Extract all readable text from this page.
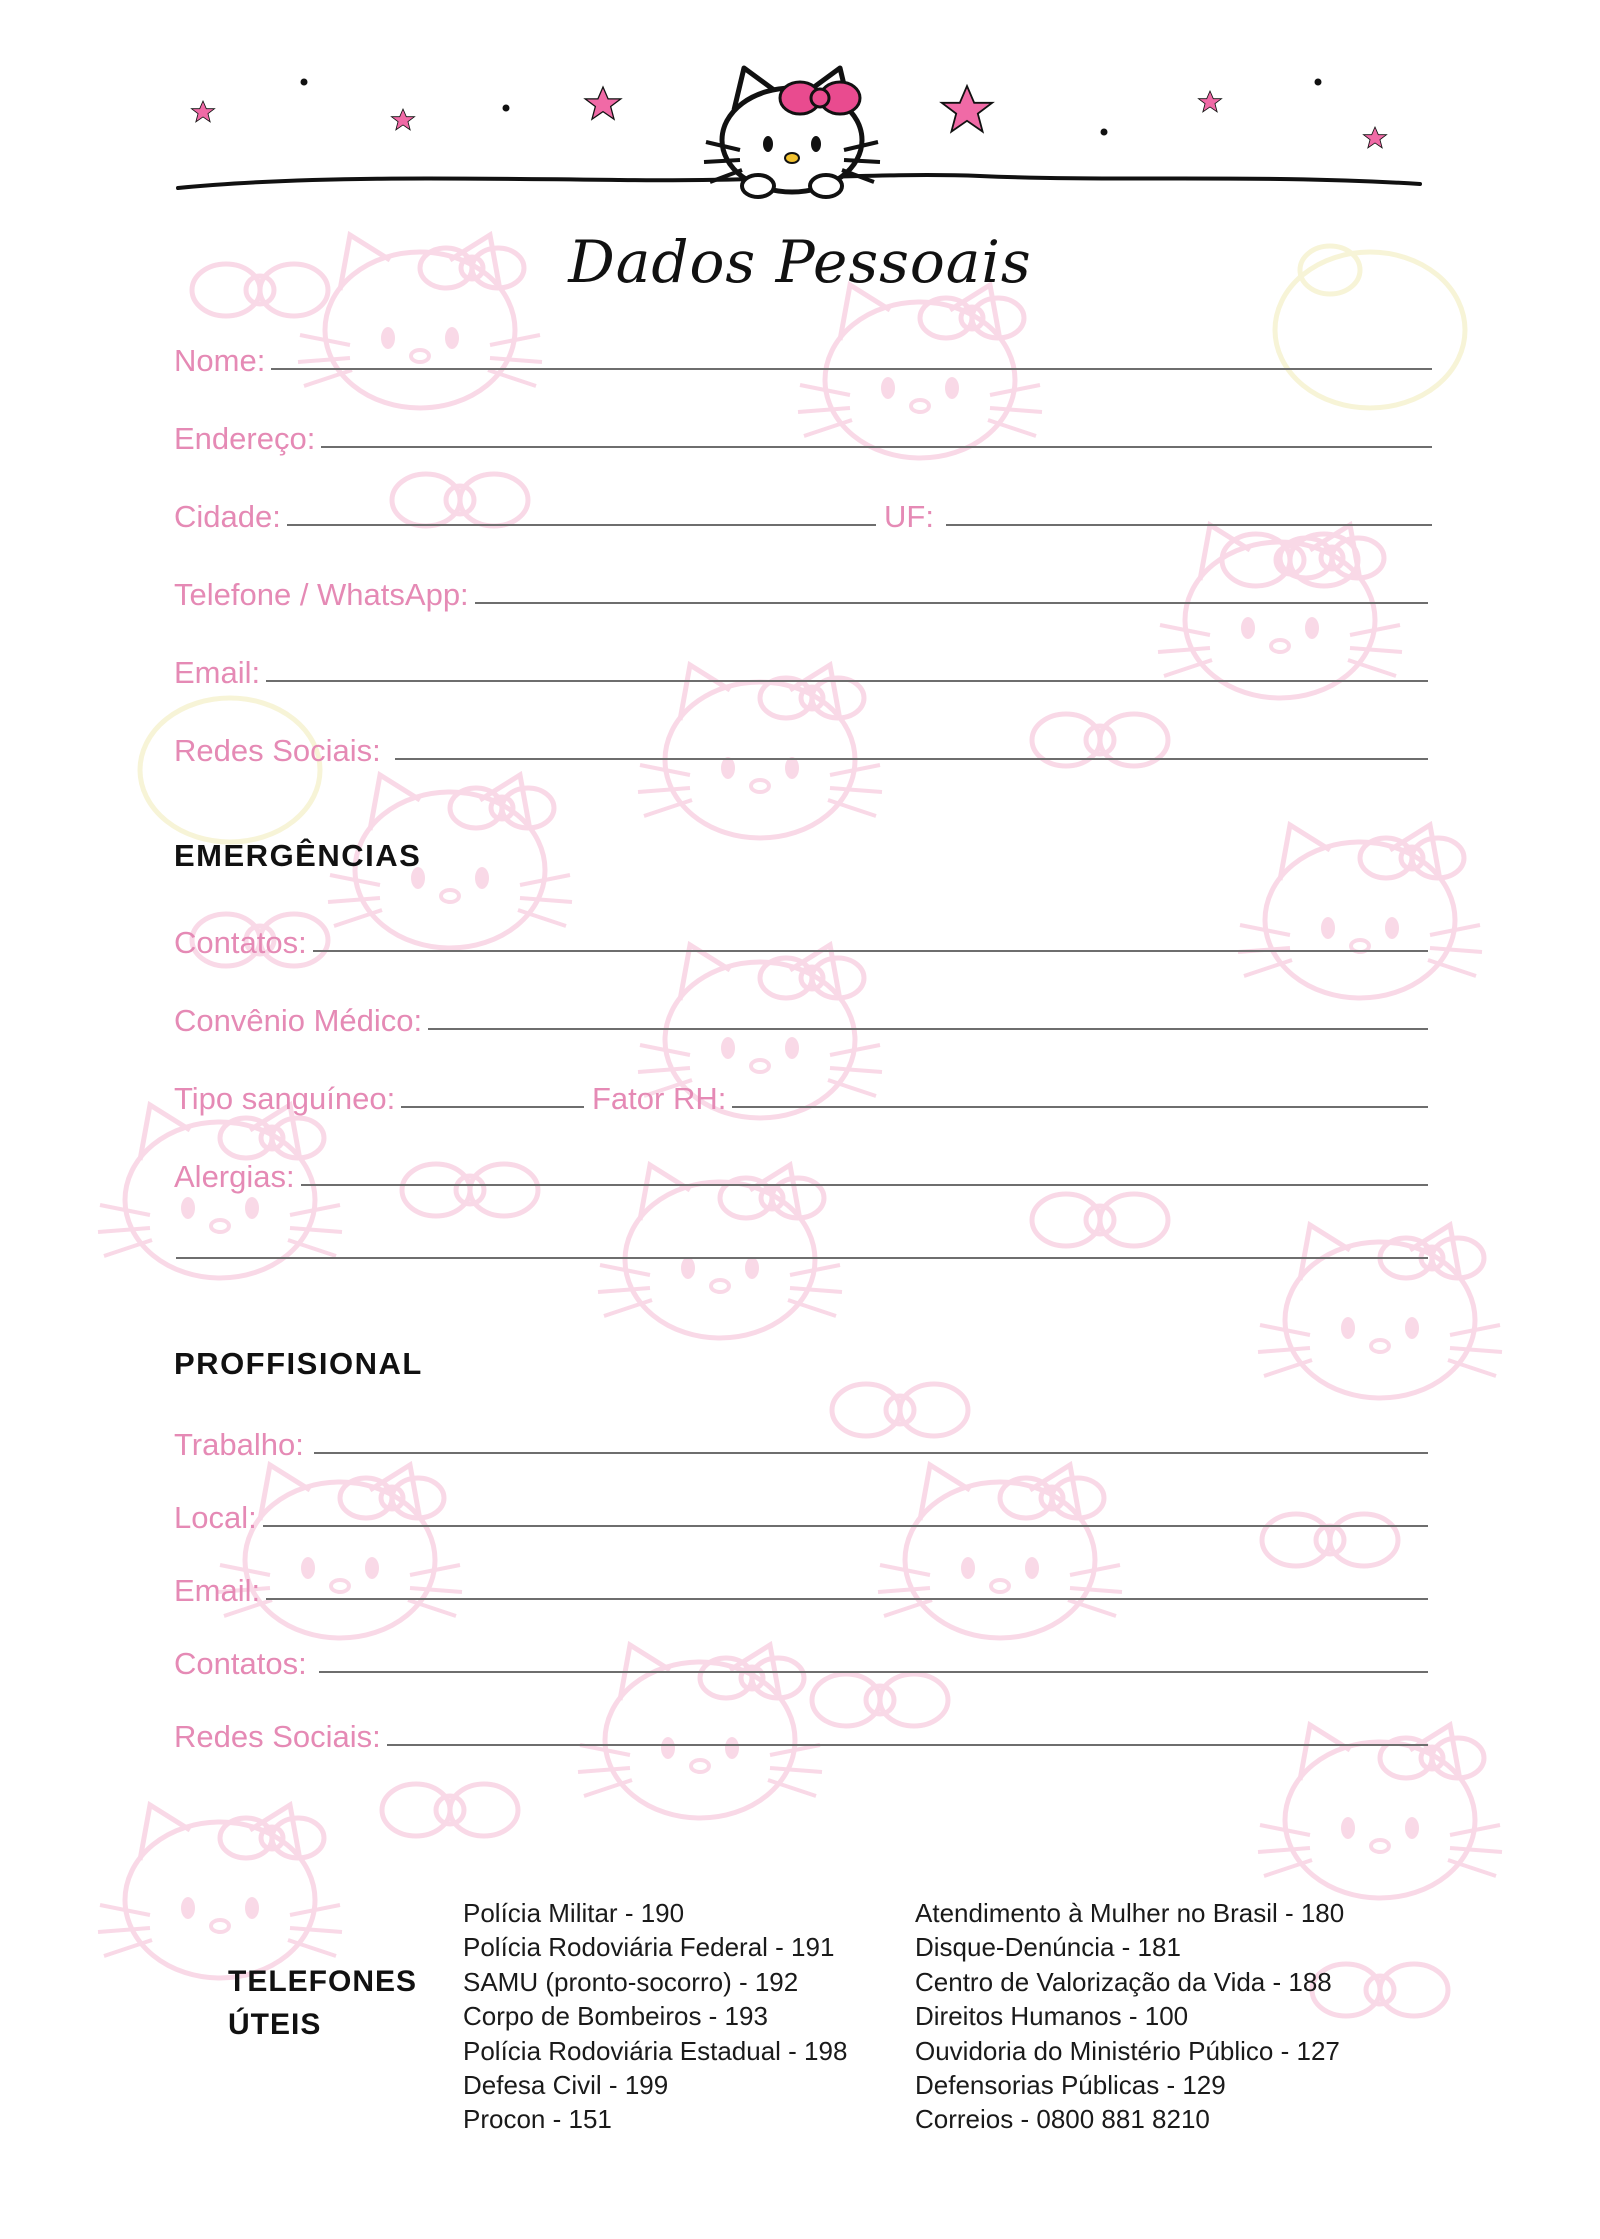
Dados Pessoais
Nome:
Endereço:
Cidade:	UF:
Telefone / WhatsApp:
Email:
Redes Sociais:
EMERGÊNCIAS
Contatos:
Convênio Médico:
Tipo sanguíneo:	Fator RH:
Alergias:
PROFFISIONAL
Trabalho:
Local:
Email:
Contatos:
Redes Sociais:
TELEFONES
ÚTEIS
Polícia Militar - 190
Polícia Rodoviária Federal - 191
SAMU (pronto-socorro) - 192
Corpo de Bombeiros - 193
Polícia Rodoviária Estadual - 198
Defesa Civil - 199
Procon - 151
Atendimento à Mulher no Brasil - 180
Disque-Denúncia - 181
Centro de Valorização da Vida - 188
Direitos Humanos - 100
Ouvidoria do Ministério Público - 127
Defensorias Públicas - 129
Correios - 0800 881 8210
